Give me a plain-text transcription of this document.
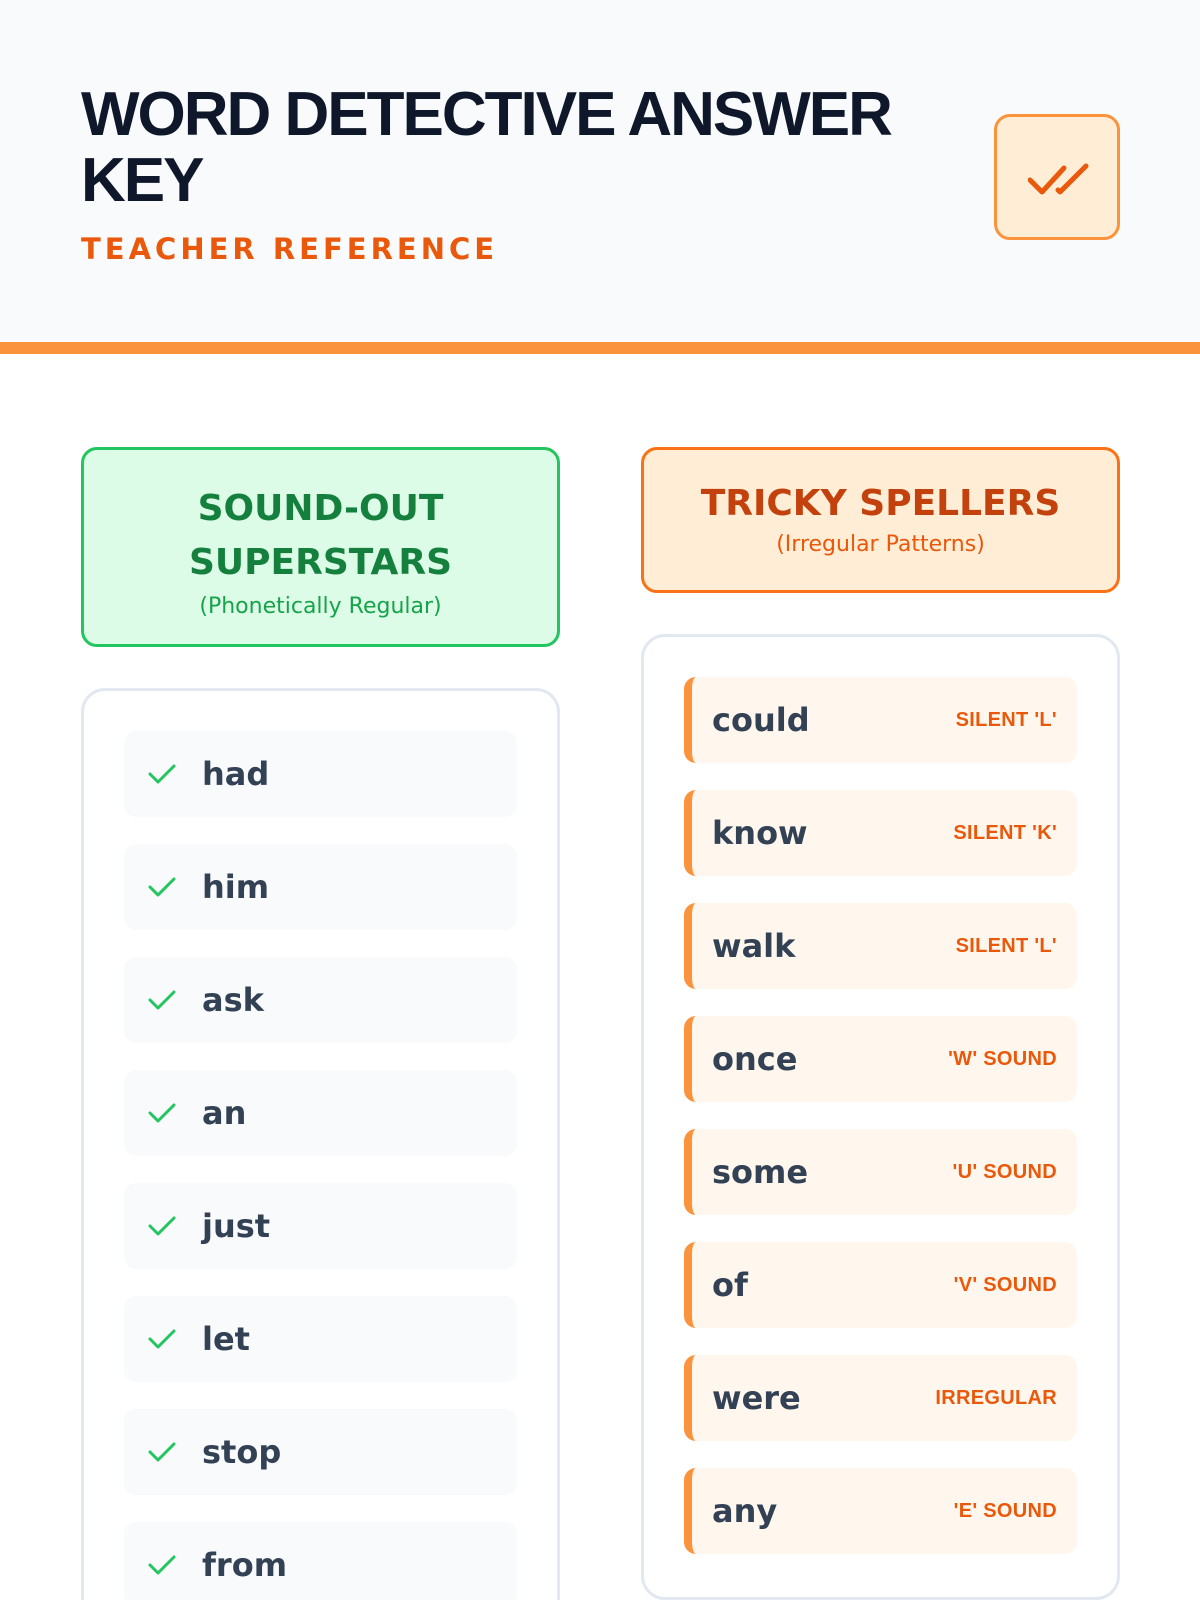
WORD DETECTIVE ANSWER KEY
TEACHER REFERENCE
SOUND-OUT SUPERSTARS
(Phonetically Regular)
TRICKY SPELLERS
(Irregular Patterns)
had
him
ask
an
just
let
stop
from
could	SILENT 'L'
know	SILENT 'K'
walk	SILENT 'L'
once	'W' SOUND
some	'U' SOUND
of	'V' SOUND
were	IRREGULAR
any	'E' SOUND
